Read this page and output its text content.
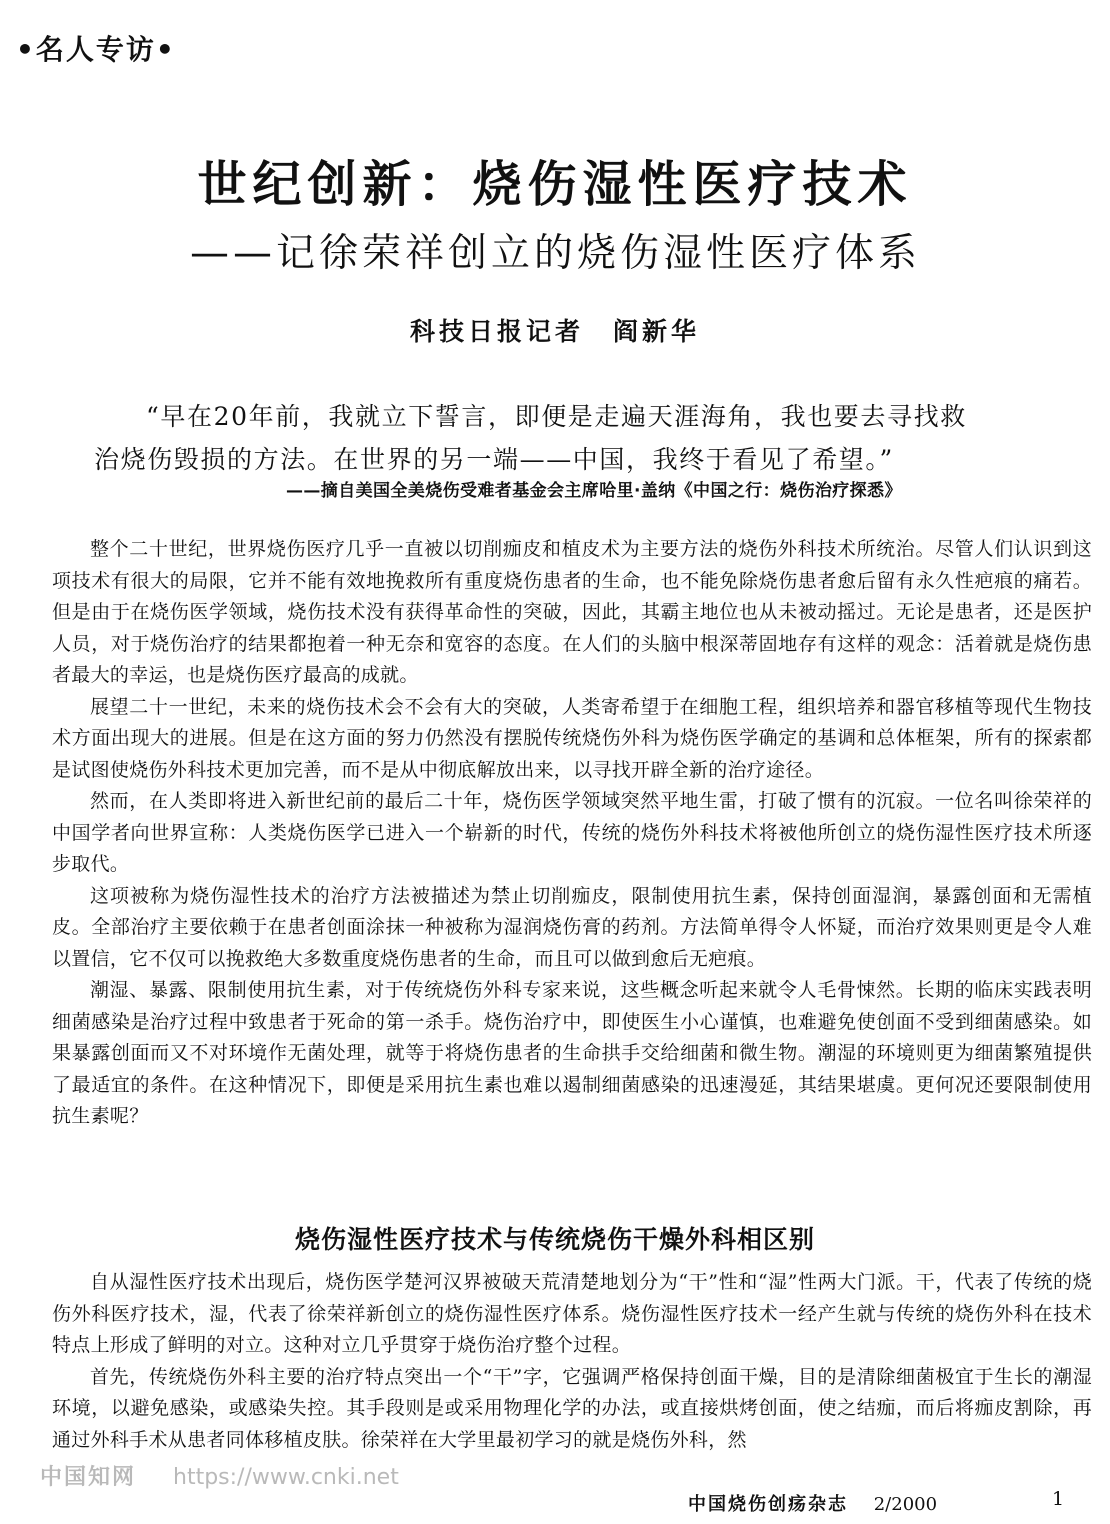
•名人专访•
世纪创新：烧伤湿性医疗技术
——记徐荣祥创立的烧伤湿性医疗体系
科技日报记者　阎新华

“早在20年前，我就立下誓言，即便是走遍天涯海角，我也要去寻找救

治烧伤毁损的方法。在世界的另一端——中国，我终于看见了希望。”

——摘自美国全美烧伤受难者基金会主席哈里·盖纳《中国之行：烧伤治疗探悉》

整个二十世纪，世界烧伤医疗几乎一直被以切削痂皮和植皮术为主要方法的烧伤外科技术所统治。尽管人们认识到这项技术有很大的局限，它并不能有效地挽救所有重度烧伤患者的生命，也不能免除烧伤患者愈后留有永久性疤痕的痛若。但是由于在烧伤医学领域，烧伤技术没有获得革命性的突破，因此，其霸主地位也从未被动摇过。无论是患者，还是医护人员，对于烧伤治疗的结果都抱着一种无奈和宽容的态度。在人们的头脑中根深蒂固地存有这样的观念：活着就是烧伤患者最大的幸运，也是烧伤医疗最高的成就。

展望二十一世纪，未来的烧伤技术会不会有大的突破，人类寄希望于在细胞工程，组织培养和器官移植等现代生物技术方面出现大的进展。但是在这方面的努力仍然没有摆脱传统烧伤外科为烧伤医学确定的基调和总体框架，所有的探索都是试图使烧伤外科技术更加完善，而不是从中彻底解放出来，以寻找开辟全新的治疗途径。

然而，在人类即将进入新世纪前的最后二十年，烧伤医学领域突然平地生雷，打破了惯有的沉寂。一位名叫徐荣祥的中国学者向世界宣称：人类烧伤医学已进入一个崭新的时代，传统的烧伤外科技术将被他所创立的烧伤湿性医疗技术所逐步取代。

这项被称为烧伤湿性技术的治疗方法被描述为禁止切削痂皮，限制使用抗生素，保持创面湿润，暴露创面和无需植皮。全部治疗主要依赖于在患者创面涂抹一种被称为湿润烧伤膏的药剂。方法简单得令人怀疑，而治疗效果则更是令人难以置信，它不仅可以挽救绝大多数重度烧伤患者的生命，而且可以做到愈后无疤痕。

潮湿、暴露、限制使用抗生素，对于传统烧伤外科专家来说，这些概念听起来就令人毛骨悚然。长期的临床实践表明细菌感染是治疗过程中致患者于死命的第一杀手。烧伤治疗中，即使医生小心谨慎，也难避免使创面不受到细菌感染。如果暴露创面而又不对环境作无菌处理，就等于将烧伤患者的生命拱手交给细菌和微生物。潮湿的环境则更为细菌繁殖提供了最适宜的条件。在这种情况下，即便是采用抗生素也难以遏制细菌感染的迅速漫延，其结果堪虞。更何况还要限制使用抗生素呢？

烧伤湿性医疗技术与传统烧伤干燥外科相区别

自从湿性医疗技术出现后，烧伤医学楚河汉界被破天荒清楚地划分为“干”性和“湿”性两大门派。干，代表了传统的烧伤外科医疗技术，湿，代表了徐荣祥新创立的烧伤湿性医疗体系。烧伤湿性医疗技术一经产生就与传统的烧伤外科在技术特点上形成了鲜明的对立。这种对立几乎贯穿于烧伤治疗整个过程。

首先，传统烧伤外科主要的治疗特点突出一个“干”字，它强调严格保持创面干燥，目的是清除细菌极宜于生长的潮湿环境，以避免感染，或感染失控。其手段则是或采用物理化学的办法，或直接烘烤创面，使之结痂，而后将痂皮割除，再通过外科手术从患者同体移植皮肤。徐荣祥在大学里最初学习的就是烧伤外科，然

中国知网 https://www.cnki.net
中国烧伤创疡杂志 2/2000	1
